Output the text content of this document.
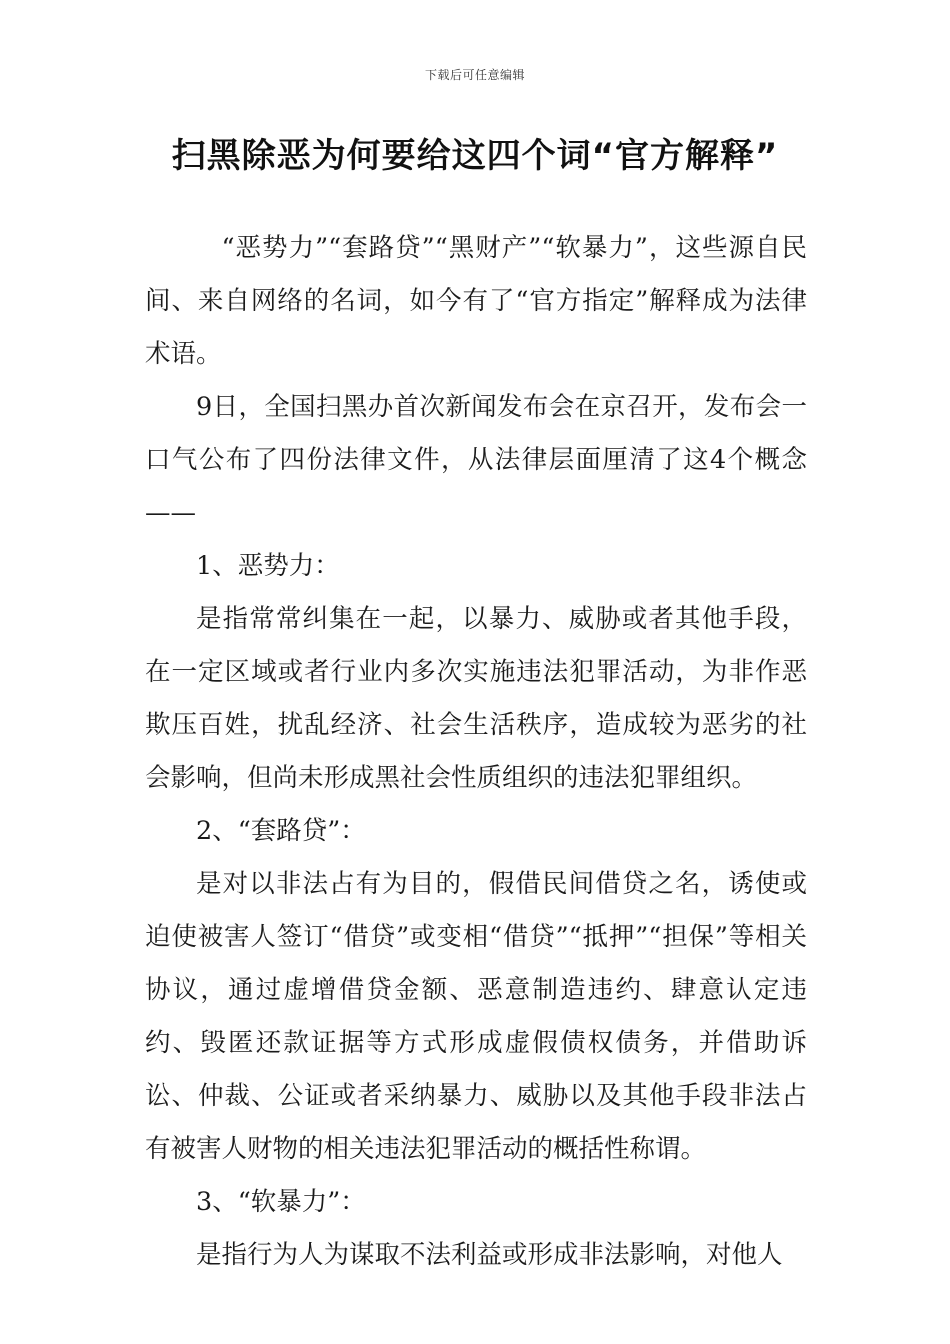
下载后可任意编辑
扫黑除恶为何要给这四个词“官方解释”

“恶势力”“套路贷”“黑财产”“软暴力”，这些源自民间、来自网络的名词，如今有了“官方指定”解释成为法律术语。

9日，全国扫黑办首次新闻发布会在京召开，发布会一口气公布了四份法律文件，从法律层面厘清了这4个概念——

1、恶势力：

是指常常纠集在一起，以暴力、威胁或者其他手段，在一定区域或者行业内多次实施违法犯罪活动，为非作恶欺压百姓，扰乱经济、社会生活秩序，造成较为恶劣的社会影响，但尚未形成黑社会性质组织的违法犯罪组织。

2、“套路贷”：

是对以非法占有为目的，假借民间借贷之名，诱使或迫使被害人签订“借贷”或变相“借贷”“抵押”“担保”等相关协议，通过虚增借贷金额、恶意制造违约、肆意认定违约、毁匿还款证据等方式形成虚假债权债务，并借助诉讼、仲裁、公证或者采纳暴力、威胁以及其他手段非法占有被害人财物的相关违法犯罪活动的概括性称谓。

3、“软暴力”：

是指行为人为谋取不法利益或形成非法影响，对他人
